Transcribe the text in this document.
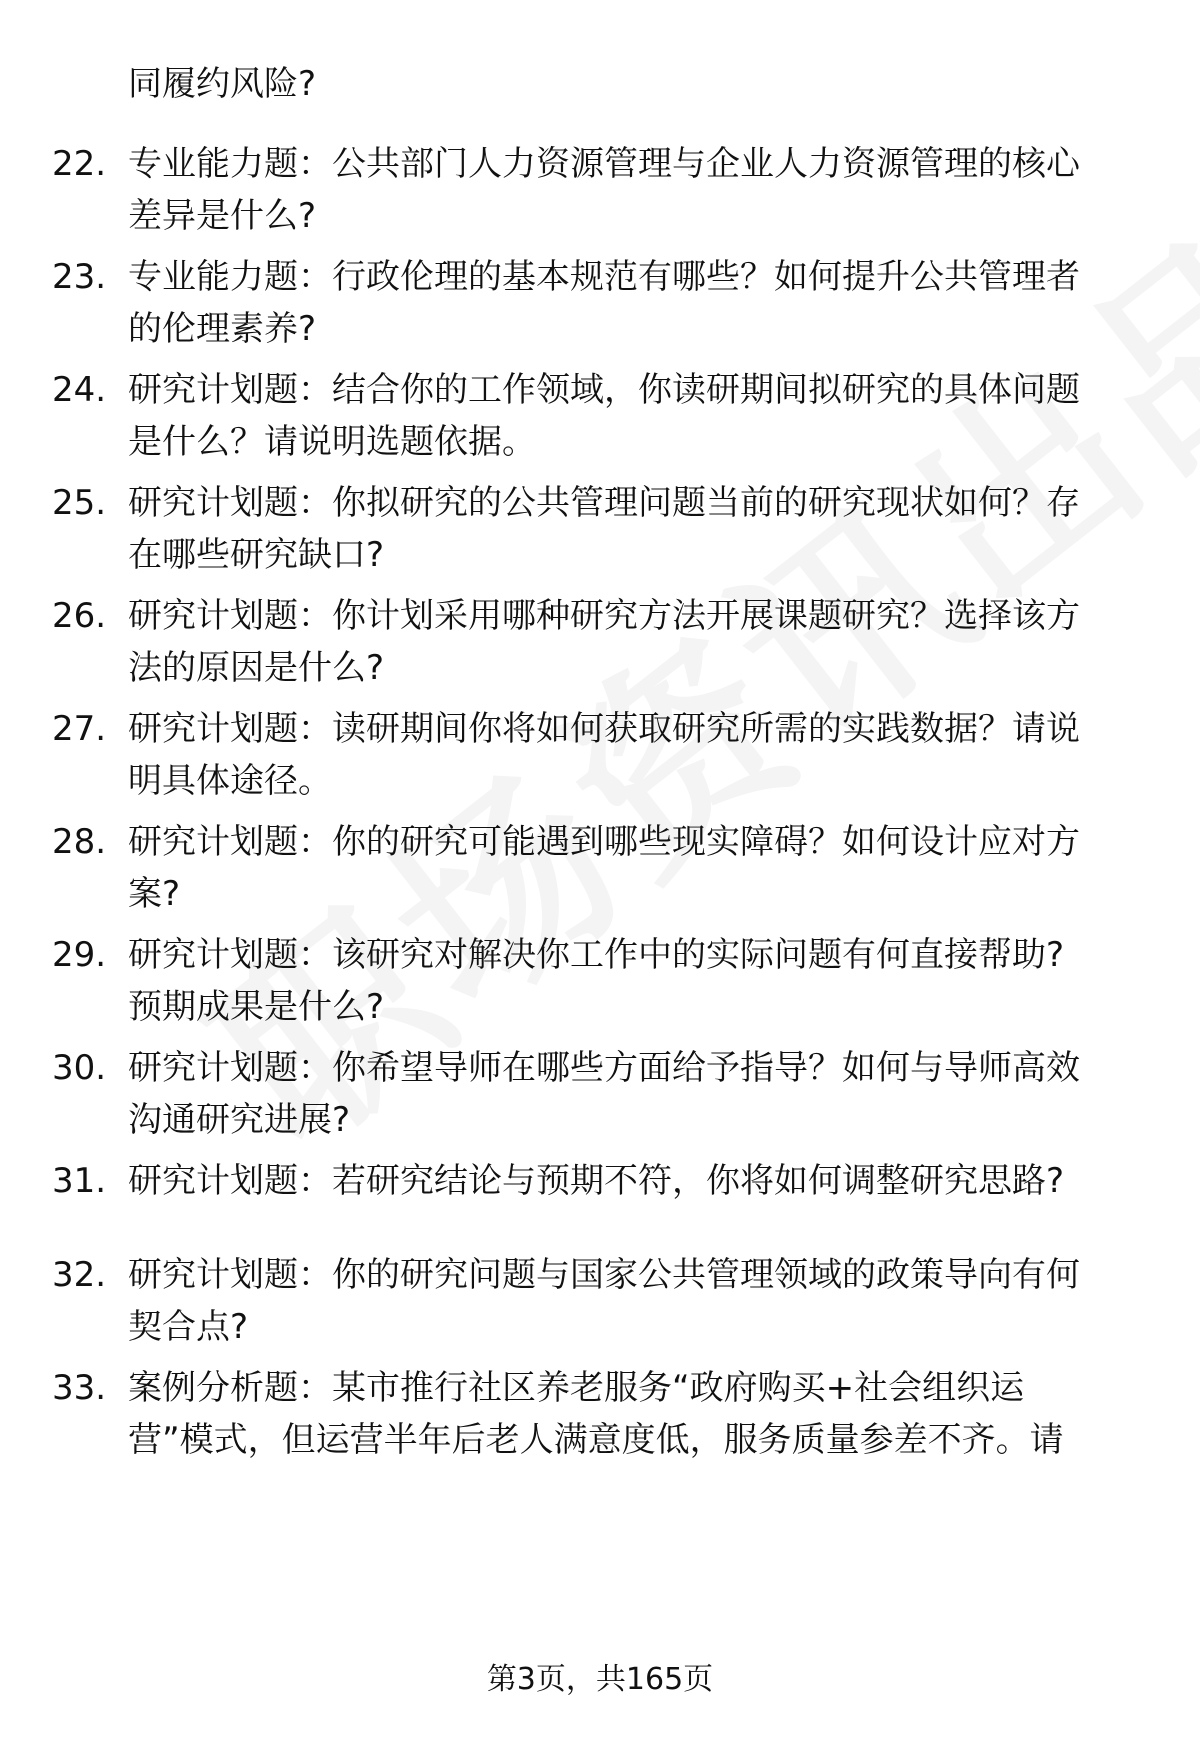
同履约风险?
22. 专业能力题：公共部门人力资源管理与企业人力资源管理的核心
差异是什么?
23. 专业能力题：行政伦理的基本规范有哪些？如何提升公共管理者
的伦理素养?
24. 研究计划题：结合你的工作领域，你读研期间拟研究的具体问题
是什么？请说明选题依据。
25. 研究计划题：你拟研究的公共管理问题当前的研究现状如何？存
在哪些研究缺口?
26. 研究计划题：你计划采用哪种研究方法开展课题研究？选择该方
法的原因是什么?
27. 研究计划题：读研期间你将如何获取研究所需的实践数据？请说
明具体途径。
28. 研究计划题：你的研究可能遇到哪些现实障碍？如何设计应对方
案?
29. 研究计划题：该研究对解决你工作中的实际问题有何直接帮助?
预期成果是什么?
30. 研究计划题：你希望导师在哪些方面给予指导？如何与导师高效
沟通研究进展?
31. 研究计划题：若研究结论与预期不符，你将如何调整研究思路?
32. 研究计划题：你的研究问题与国家公共管理领域的政策导向有何
契合点?
33. 案例分析题：某市推行社区养老服务“政府购买+社会组织运
营”模式，但运营半年后老人满意度低，服务质量参差不齐。请
第3页，共165页
